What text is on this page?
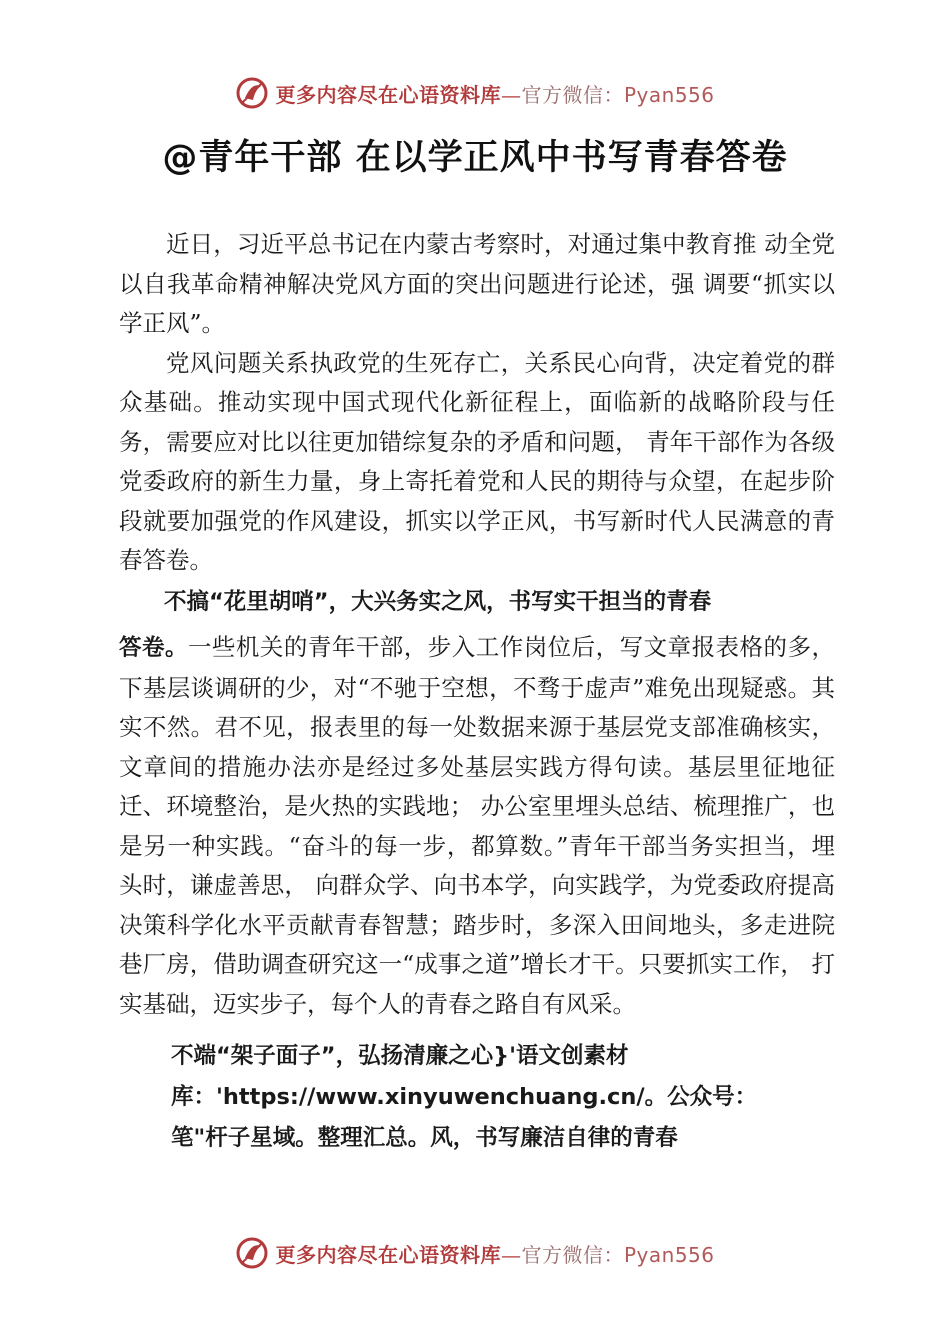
更多内容尽在心语资料库—官方微信：Pyan556
@青年干部 在以学正风中书写青春答卷

近日，习近平总书记在内蒙古考察时，对通过集中教育推 动全党以自我革命精神解决党风方面的突出问题进行论述，强 调要“抓实以学正风”。

党风问题关系执政党的生死存亡，关系民心向背，决定着党的群众基础。推动实现中国式现代化新征程上，面临新的战略阶段与任务，需要应对比以往更加错综复杂的矛盾和问题， 青年干部作为各级党委政府的新生力量，身上寄托着党和人民的期待与众望，在起步阶段就要加强党的作风建设，抓实以学正风，书写新时代人民满意的青春答卷。

不搞“花里胡哨”，大兴务实之风，书写实干担当的青春
答卷。一些机关的青年干部，步入工作岗位后，写文章报表格的多，下基层谈调研的少，对“不驰于空想，不骛于虚声”难免出现疑惑。其实不然。君不见，报表里的每一处数据来源于基层党支部准确核实，文章间的措施办法亦是经过多处基层实践方得句读。基层里征地征迁、环境整治，是火热的实践地； 办公室里埋头总结、梳理推广，也是另一种实践。“奋斗的每一步，都算数。”青年干部当务实担当，埋头时，谦虚善思， 向群众学、向书本学，向实践学，为党委政府提高决策科学化水平贡献青春智慧；踏步时，多深入田间地头，多走进院巷厂房，借助调查研究这一“成事之道”增长才干。只要抓实工作， 打实基础，迈实步子，每个人的青春之路自有风采。

不端“架子面子”，弘扬清廉之心}'语文创素材
库：'https://www.xinyuwenchuang.cn/。公众号：
笔"杆子星域。整理汇总。风，书写廉洁自律的青春
更多内容尽在心语资料库—官方微信：Pyan556
